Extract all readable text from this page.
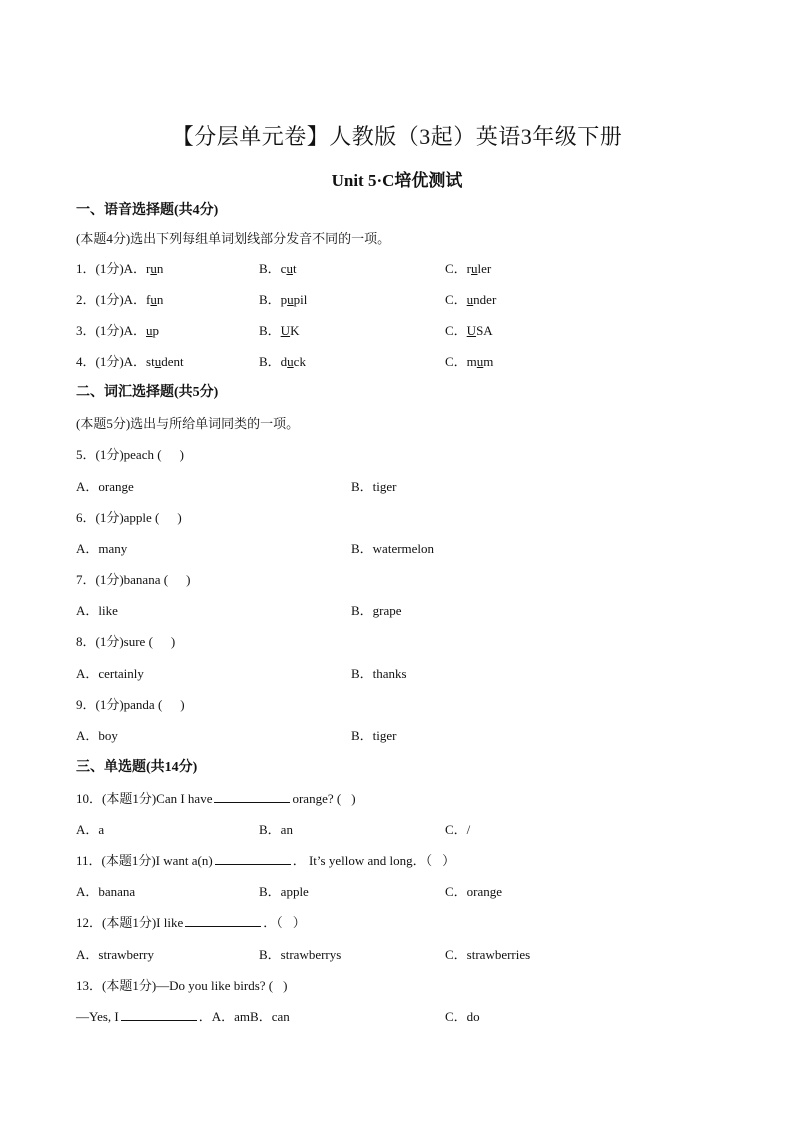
【分层单元卷】人教版（3起）英语3年级下册
Unit 5·C培优测试
一、语音选择题(共4分)
(本题4分)选出下列每组单词划线部分发音不同的一项。
1．(1分)A．run	B．cut	C．ruler
2．(1分)A．fun	B．pupil	C．under
3．(1分)A．up	B．UK	C．USA
4．(1分)A．student	B．duck	C．mum
二、词汇选择题(共5分)
(本题5分)选出与所给单词同类的一项。
5．(1分)peach ( )
A．orange	B．tiger
6．(1分)apple ( )
A．many	B．watermelon
7．(1分)banana ( )
A．like	B．grape
8．(1分)sure ( )
A．certainly	B．thanks
9．(1分)panda ( )
A．boy	B．tiger
三、单选题(共14分)
10．(本题1分)Can I have	orange? ( )
A．a	B．an	C．/
11．(本题1分)I want a(n)	． It’s yellow and long．（ ）
A．banana	B．apple	C．orange
12．(本题1分)I like	．（ ）
A．strawberry	B．strawberrys	C．strawberries
13．(本题1分)—Do you like birds? ( )
—Yes, I	．A．amB．can	C．do
